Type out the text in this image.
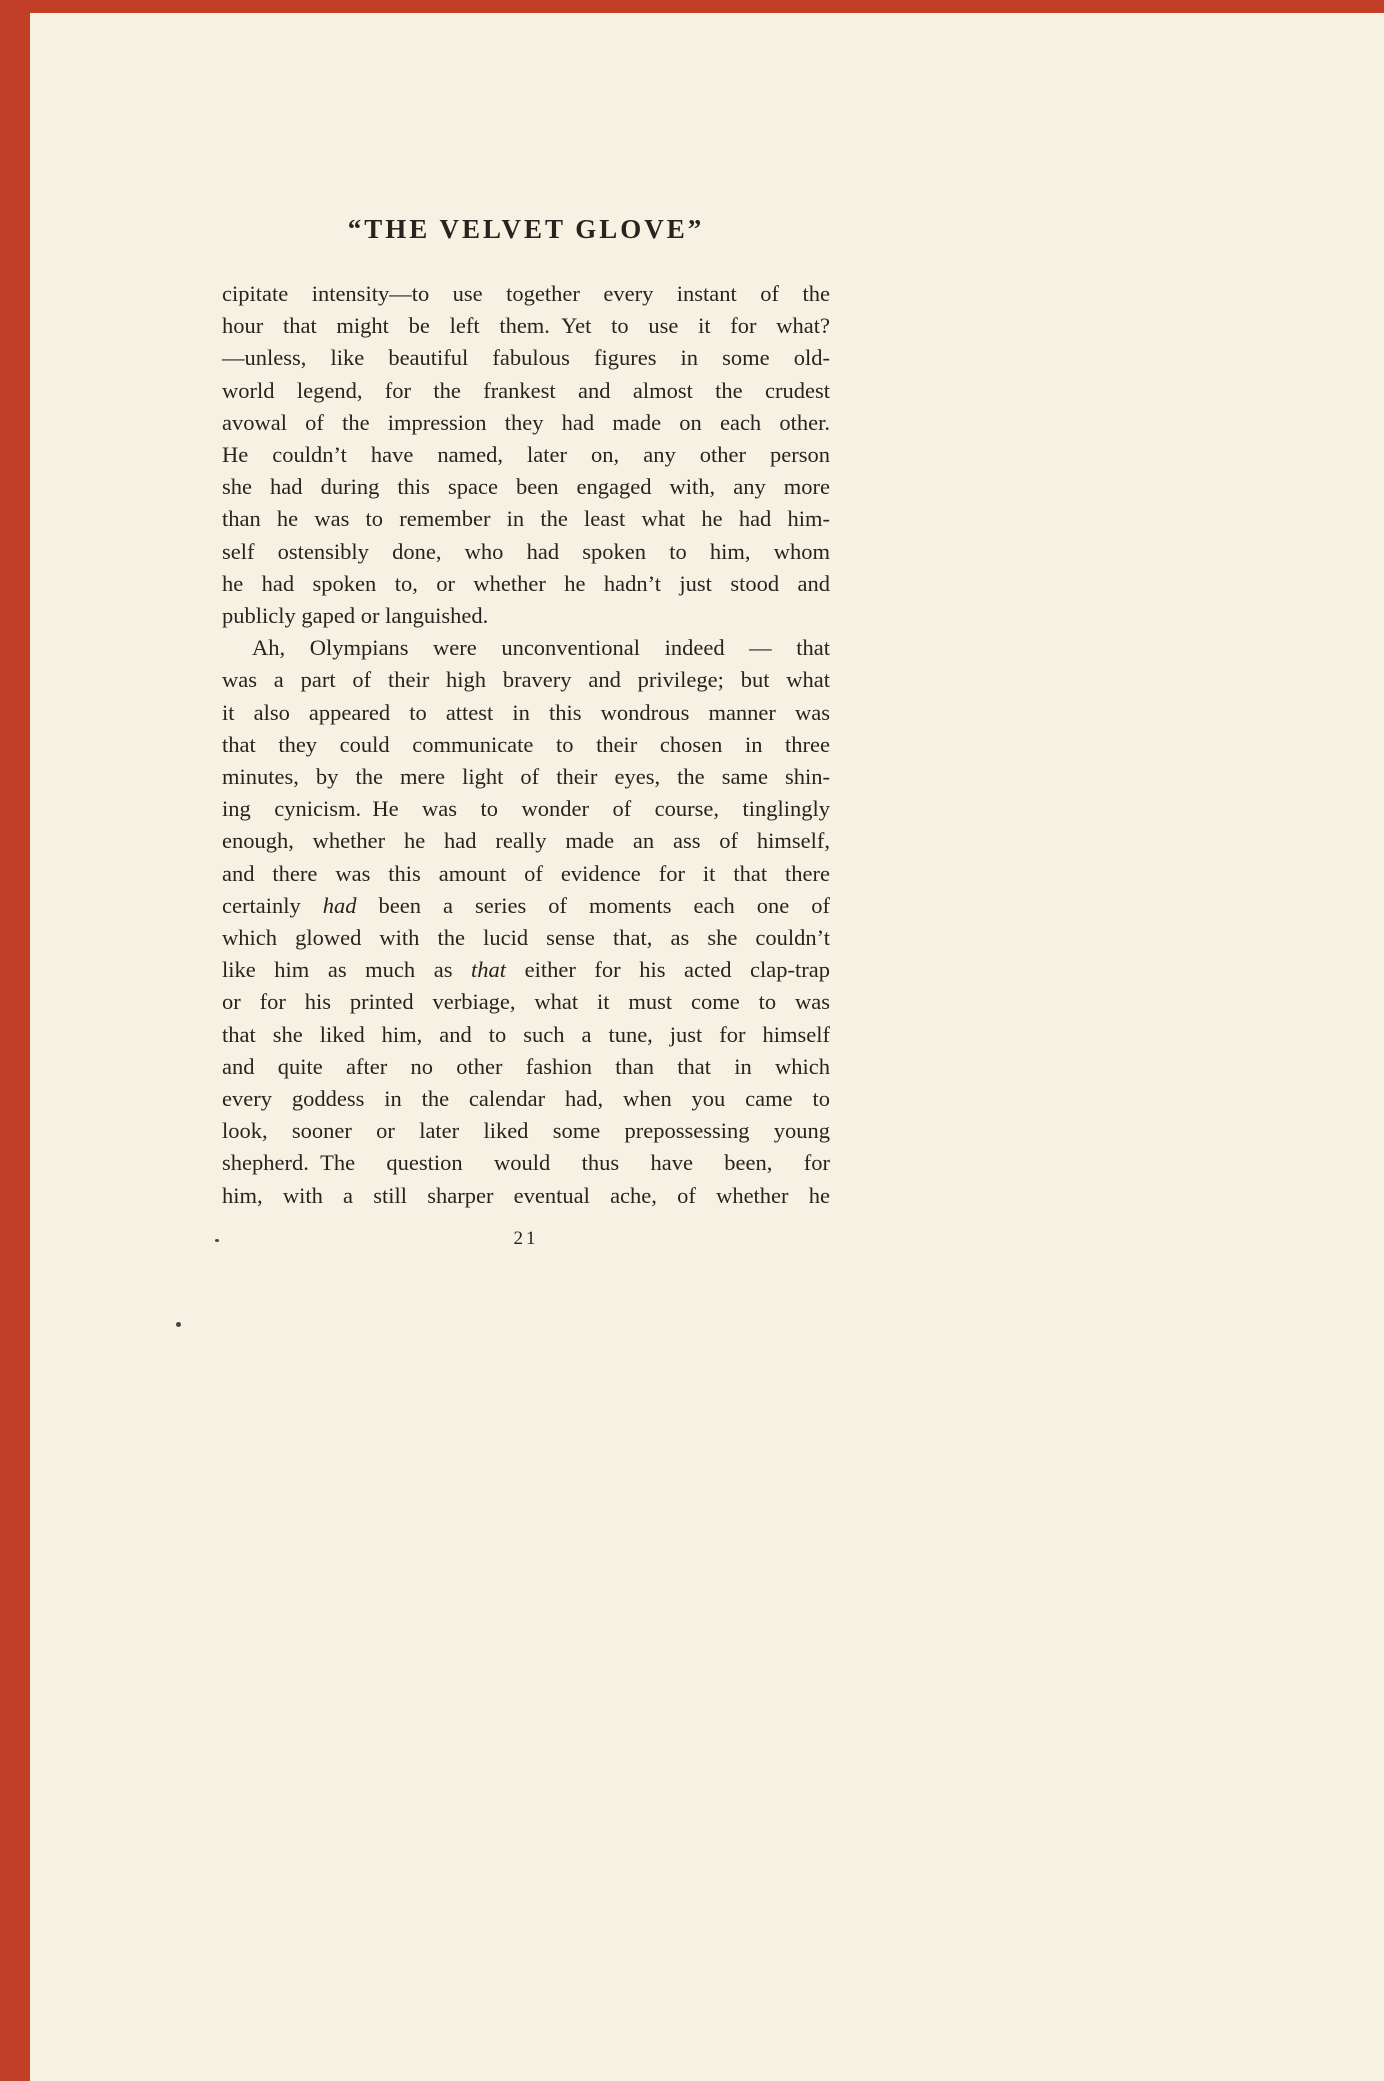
“THE VELVET GLOVE”
cipitate intensity—to use together every instant of the
hour that might be left them. Yet to use it for what?
—unless, like beautiful fabulous figures in some old-
world legend, for the frankest and almost the crudest
avowal of the impression they had made on each other.
He couldn’t have named, later on, any other person
she had during this space been engaged with, any more
than he was to remember in the least what he had him-
self ostensibly done, who had spoken to him, whom
he had spoken to, or whether he hadn’t just stood and
publicly gaped or languished.
Ah, Olympians were unconventional indeed — that
was a part of their high bravery and privilege; but what
it also appeared to attest in this wondrous manner was
that they could communicate to their chosen in three
minutes, by the mere light of their eyes, the same shin-
ing cynicism. He was to wonder of course, tinglingly
enough, whether he had really made an ass of himself,
and there was this amount of evidence for it that there
certainly had been a series of moments each one of
which glowed with the lucid sense that, as she couldn’t
like him as much as that either for his acted clap-trap
or for his printed verbiage, what it must come to was
that she liked him, and to such a tune, just for himself
and quite after no other fashion than that in which
every goddess in the calendar had, when you came to
look, sooner or later liked some prepossessing young
shepherd. The question would thus have been, for
him, with a still sharper eventual ache, of whether he
21
